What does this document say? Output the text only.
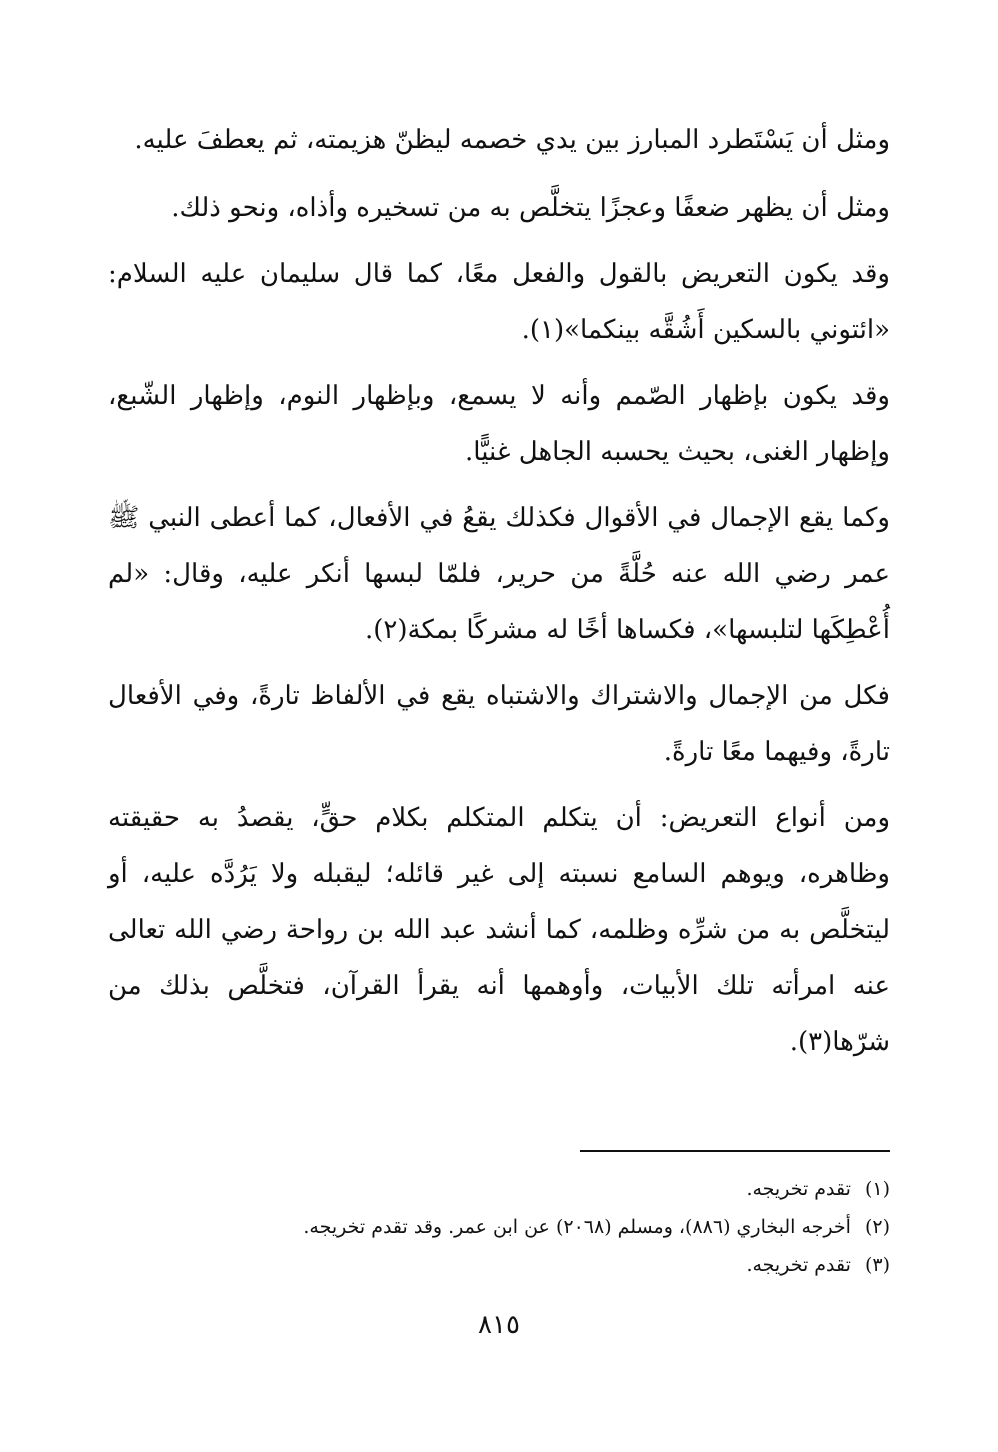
ومثل أن يَسْتَطرد المبارز بين يدي خصمه ليظنّ هزيمته، ثم يعطفَ عليه.

ومثل أن يظهر ضعفًا وعجزًا يتخلَّص به من تسخيره وأذاه، ونحو ذلك.

وقد يكون التعريض بالقول والفعل معًا، كما قال سليمان عليه السلام: «ائتوني بالسكين أَشُقَّه بينكما»(١).

وقد يكون بإظهار الصّمم وأنه لا يسمع، وبإظهار النوم، وإظهار الشّبع، وإظهار الغنى، بحيث يحسبه الجاهل غنيًّا.

وكما يقع الإجمال في الأقوال فكذلك يقعُ في الأفعال، كما أعطى النبي ﷺ عمر رضي الله عنه حُلَّةً من حرير، فلمّا لبسها أنكر عليه، وقال: «لم أُعْطِكَها لتلبسها»، فكساها أخًا له مشركًا بمكة(٢).

فكل من الإجمال والاشتراك والاشتباه يقع في الألفاظ تارةً، وفي الأفعال تارةً، وفيهما معًا تارةً.

ومن أنواع التعريض: أن يتكلم المتكلم بكلام حقٍّ، يقصدُ به حقيقته وظاهره، ويوهم السامع نسبته إلى غير قائله؛ ليقبله ولا يَرُدَّه عليه، أو ليتخلَّص به من شرِّه وظلمه، كما أنشد عبد الله بن رواحة رضي الله تعالى عنه امرأته تلك الأبيات، وأوهمها أنه يقرأ القرآن، فتخلَّص بذلك من شرّها(٣).

(١)تقدم تخريجه.

(٢)أخرجه البخاري (٨٨٦)، ومسلم (٢٠٦٨) عن ابن عمر. وقد تقدم تخريجه.

(٣)تقدم تخريجه.

٨١٥
